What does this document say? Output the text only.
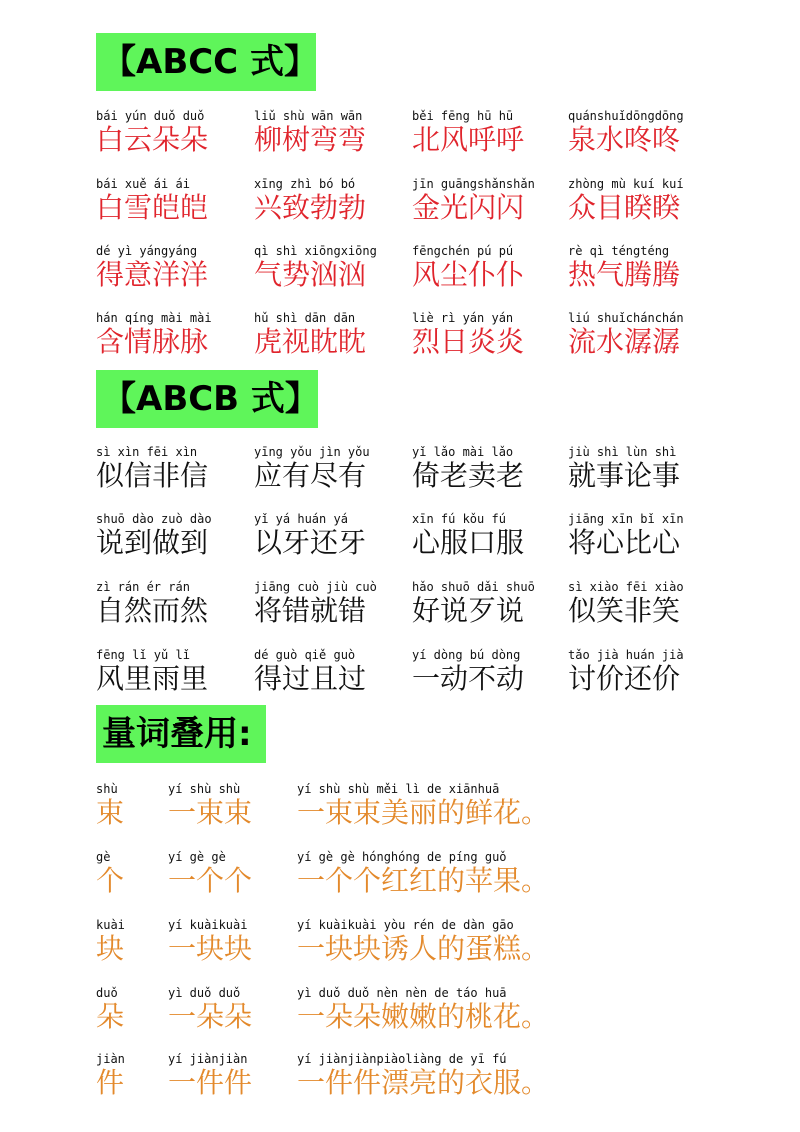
【ABCC 式】
【ABCB 式】
量词叠用:
bái yún duǒ duǒ
白云朵朵
liǔ shù wān wān
柳树弯弯
běi fēng hū hū
北风呼呼
quánshuǐdōngdōng
泉水咚咚
bái xuě ái ái
白雪皑皑
xīng zhì bó bó
兴致勃勃
jīn guāngshǎnshǎn
金光闪闪
zhòng mù kuí kuí
众目睽睽
dé yì yángyáng
得意洋洋
qì shì xiōngxiōng
气势汹汹
fēngchén pú pú
风尘仆仆
rè qì téngténg
热气腾腾
hán qíng mài mài
含情脉脉
hǔ shì dān dān
虎视眈眈
liè rì yán yán
烈日炎炎
liú shuǐchánchán
流水潺潺
sì xìn fēi xìn
似信非信
yīng yǒu jìn yǒu
应有尽有
yǐ lǎo mài lǎo
倚老卖老
jiù shì lùn shì
就事论事
shuō dào zuò dào
说到做到
yǐ yá huán yá
以牙还牙
xīn fú kǒu fú
心服口服
jiāng xīn bǐ xīn
将心比心
zì rán ér rán
自然而然
jiāng cuò jiù cuò
将错就错
hǎo shuō dǎi shuō
好说歹说
sì xiào fēi xiào
似笑非笑
fēng lǐ yǔ lǐ
风里雨里
dé guò qiě guò
得过且过
yí dòng bú dòng
一动不动
tǎo jià huán jià
讨价还价
shù
束
yí shù shù
一束束
yí shù shù měi lì de xiānhuā
一束束美丽的鲜花。
gè
个
yí gè gè
一个个
yí gè gè hónghóng de píng guǒ
一个个红红的苹果。
kuài
块
yí kuàikuài
一块块
yí kuàikuài yòu rén de dàn gāo
一块块诱人的蛋糕。
duǒ
朵
yì duǒ duǒ
一朵朵
yì duǒ duǒ nèn nèn de táo huā
一朵朵嫩嫩的桃花。
jiàn
件
yí jiànjiàn
一件件
yí jiànjiànpiàoliàng de yī fú
一件件漂亮的衣服。
